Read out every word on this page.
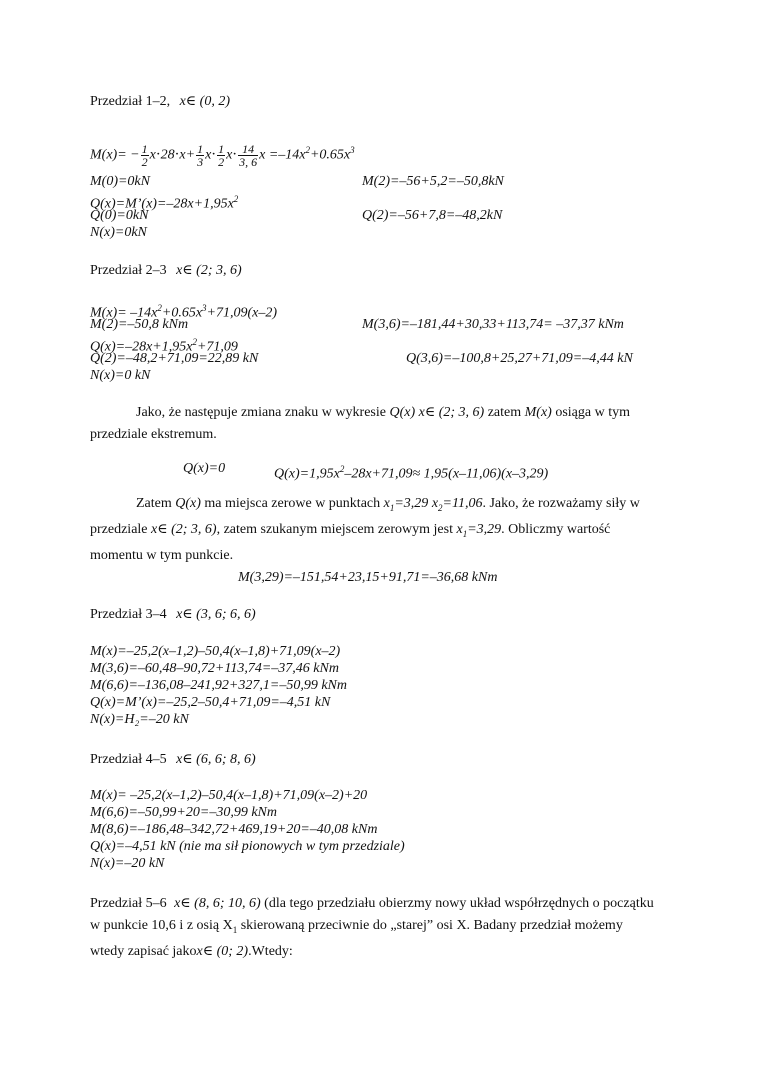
Przedział 1–2, x∈ (0, 2)
$M(x)= - \frac{1}{2} x\cdot 28\cdot x+ \frac{1}{3} x\cdot \frac{1}{2} x\cdot \frac{14}{3, 6}$ $x =-14x^2+0.65x^3$
M(0)=0kN	M(2)=–56+5,2=–50,8kN
$Q(x)=M’(x)=-28x+1,95x^2$
Q(0)=0kN	Q(2)=–56+7,8=–48,2kN
N(x)=0kN
Przedział 2–3 x∈ (2; 3, 6)
$M(x)= -14x^2+0.65x^3+71,09(x-2)$
M(2)=–50,8 kNm	M(3,6)=–181,44+30,33+113,74= –37,37 kNm
$Q(x)=-28x+1,95x^2+71,09$
Q(2)=–48,2+71,09=22,89 kN	Q(3,6)=–100,8+25,27+71,09=–4,44 kN
N(x)=0 kN
Jako, że następuje zmiana znaku w wykresie Q(x) x∈ (2; 3, 6) zatem M(x) osiąga w tym przedziale ekstremum.
Q(x)=0	$Q(x)=1,95x^2-28x+71,09\approx 1,95(x-11,06)(x-3,29)$
Zatem Q(x) ma miejsca zerowe w punktach $x_1=3,29$ $x_2=11,06$. Jako, że rozważamy siły w przedziale x∈ (2; 3, 6), zatem szukanym miejscem zerowym jest $x_1=3,29$. Obliczmy wartość momentu w tym punkcie.
M(3,29)=–151,54+23,15+91,71=–36,68 kNm
Przedział 3–4 x∈ (3, 6; 6, 6)
M(x)=–25,2(x–1,2)–50,4(x–1,8)+71,09(x–2)
M(3,6)=–60,48–90,72+113,74=–37,46 kNm
M(6,6)=–136,08–241,92+327,1=–50,99 kNm
Q(x)=M’(x)=–25,2–50,4+71,09=–4,51 kN
N(x)=H₂=–20 kN
Przedział 4–5 x∈ (6, 6; 8, 6)
M(x)= –25,2(x–1,2)–50,4(x–1,8)+71,09(x–2)+20
M(6,6)=–50,99+20=–30,99 kNm
M(8,6)=–186,48–342,72+469,19+20=–40,08 kNm
Q(x)=–4,51 kN (nie ma sił pionowych w tym przedziale)
N(x)=–20 kN
Przedział 5–6 x∈ (8, 6; 10, 6) (dla tego przedziału obierzmy nowy układ współrzędnych o początku w punkcie 10,6 i z osią $X_1$ skierowaną przeciwnie do „starej” osi X. Badany przedział możemy wtedy zapisać jakox∈ (0; 2).Wtedy:
